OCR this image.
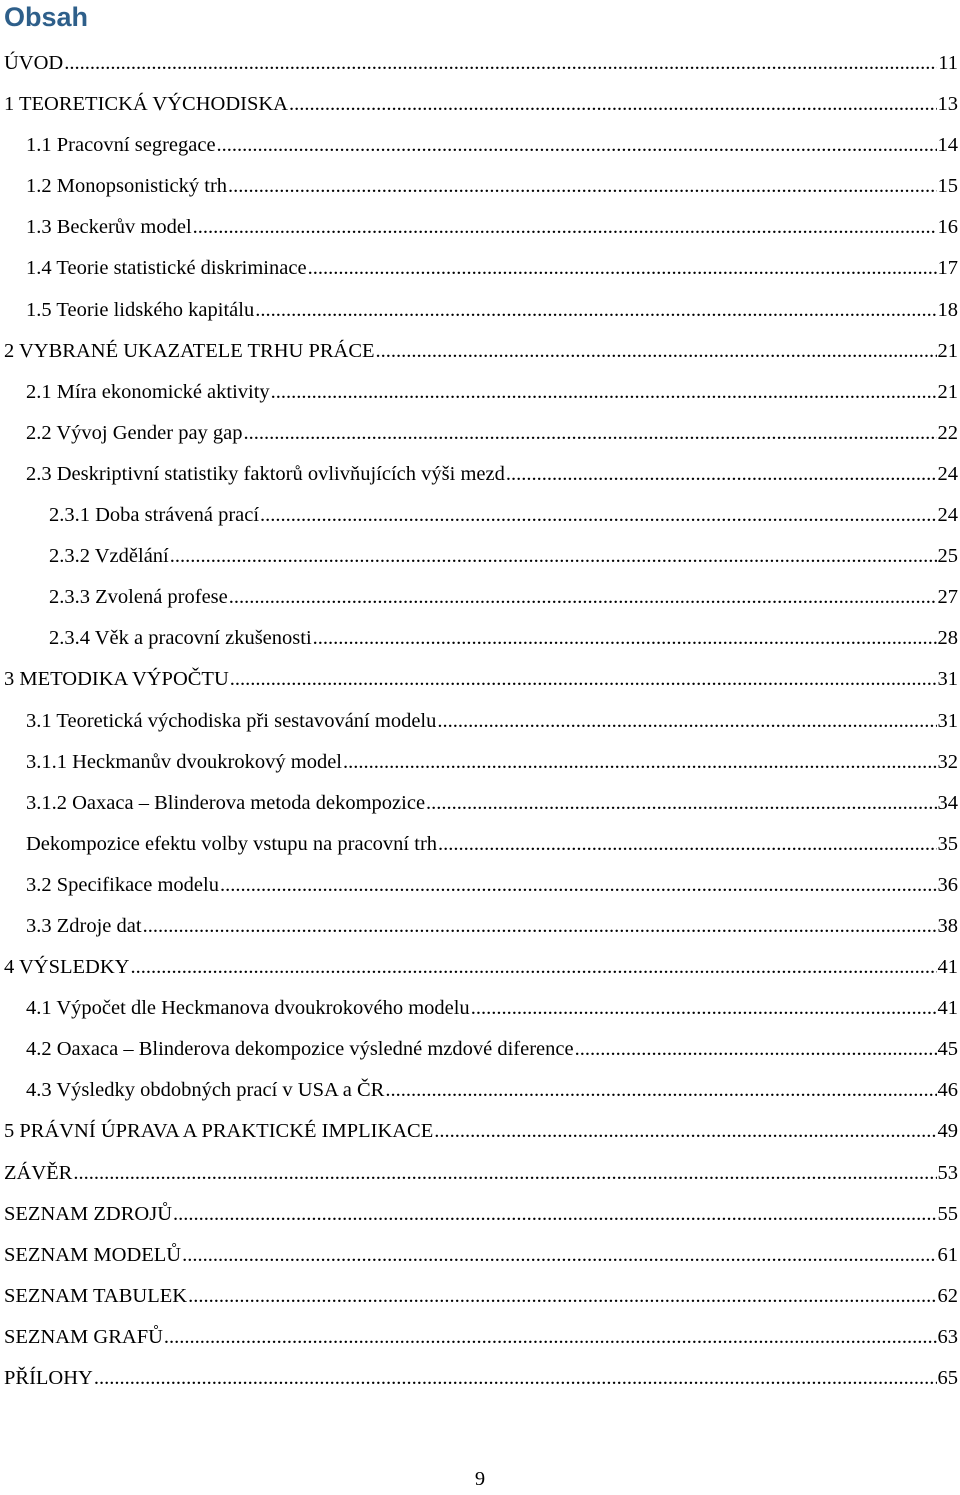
Obsah
ÚVOD .....	11
1 TEORETICKÁ VÝCHODISKA .....	13
1.1 Pracovní segregace .....	14
1.2 Monopsonistický trh .....	15
1.3 Beckerův model .....	16
1.4 Teorie statistické diskriminace .....	17
1.5 Teorie lidského kapitálu .....	18
2 VYBRANÉ UKAZATELE TRHU PRÁCE .....	21
2.1 Míra ekonomické aktivity .....	21
2.2 Vývoj Gender pay gap .....	22
2.3 Deskriptivní statistiky faktorů ovlivňujících výši mezd .....	24
2.3.1 Doba strávená prací .....	24
2.3.2 Vzdělání .....	25
2.3.3 Zvolená profese .....	27
2.3.4 Věk a pracovní zkušenosti .....	28
3 METODIKA VÝPOČTU .....	31
3.1 Teoretická východiska při sestavování modelu .....	31
3.1.1 Heckmanův dvoukrokový model .....	32
3.1.2 Oaxaca – Blinderova metoda dekompozice .....	34
Dekompozice efektu volby vstupu na pracovní trh .....	35
3.2 Specifikace modelu .....	36
3.3 Zdroje dat .....	38
4 VÝSLEDKY .....	41
4.1 Výpočet dle Heckmanova dvoukrokového modelu .....	41
4.2 Oaxaca – Blinderova dekompozice výsledné mzdové diference .....	45
4.3 Výsledky obdobných prací v USA a ČR .....	46
5 PRÁVNÍ ÚPRAVA A PRAKTICKÉ IMPLIKACE .....	49
ZÁVĚR .....	53
SEZNAM ZDROJŮ .....	55
SEZNAM MODELŮ .....	61
SEZNAM TABULEK .....	62
SEZNAM GRAFŮ .....	63
PŘÍLOHY .....	65
9
